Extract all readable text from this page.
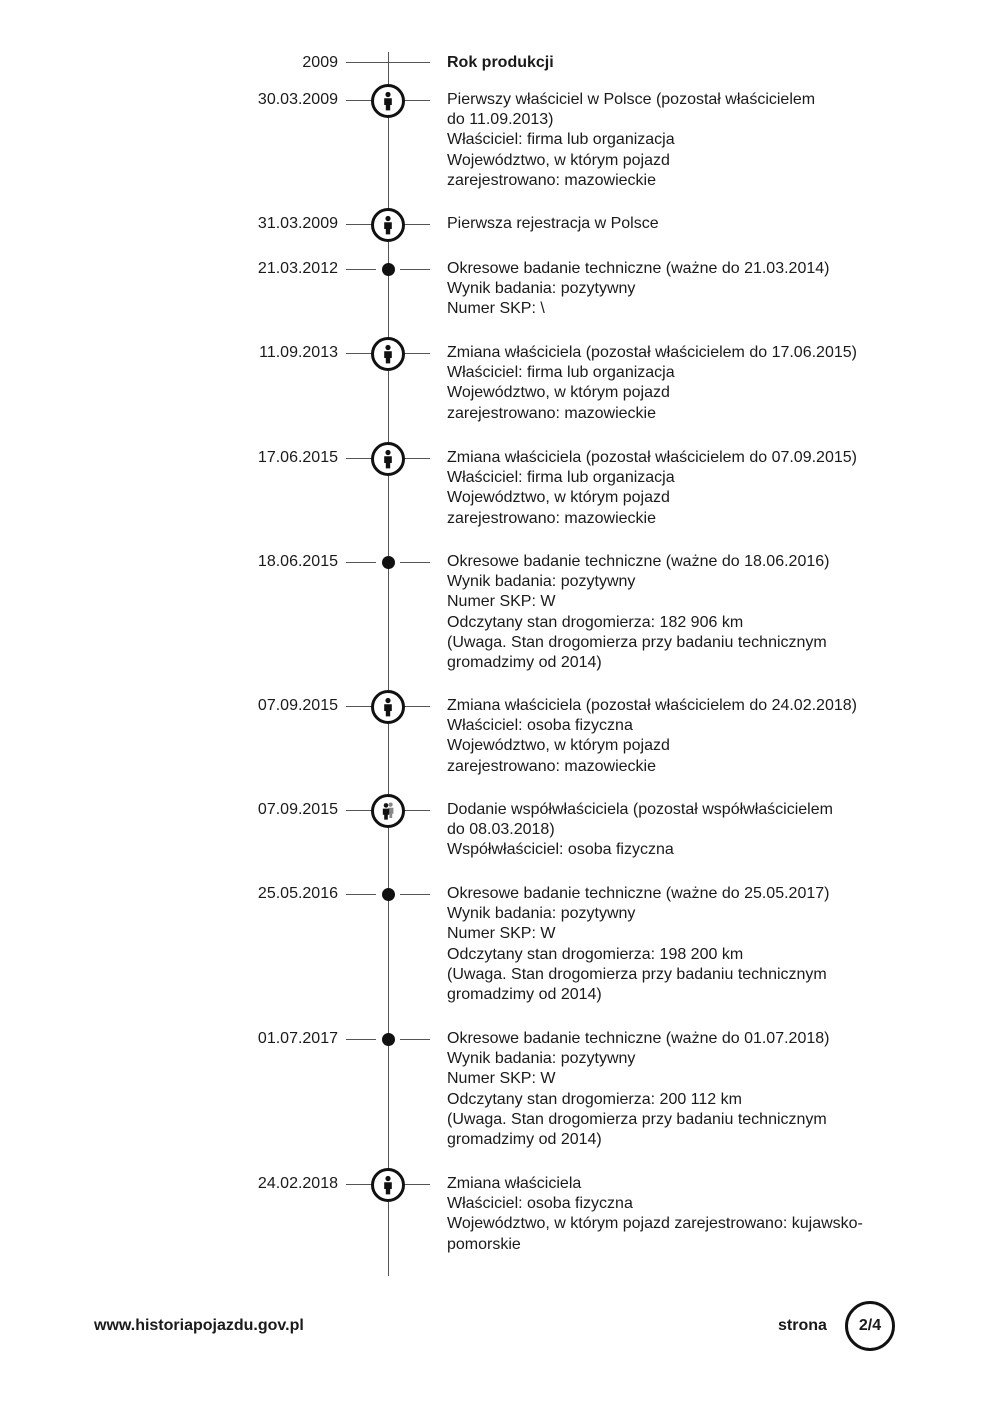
2009	Rok produkcji
30.03.2009	Pierwszy właściciel w Polsce (pozostał właścicielem
do 11.09.2013)
Właściciel: firma lub organizacja
Województwo, w którym pojazd
zarejestrowano: mazowieckie
31.03.2009	Pierwsza rejestracja w Polsce
21.03.2012	Okresowe badanie techniczne (ważne do 21.03.2014)
Wynik badania: pozytywny
Numer SKP: \
11.09.2013	Zmiana właściciela (pozostał właścicielem do 17.06.2015)
Właściciel: firma lub organizacja
Województwo, w którym pojazd
zarejestrowano: mazowieckie
17.06.2015	Zmiana właściciela (pozostał właścicielem do 07.09.2015)
Właściciel: firma lub organizacja
Województwo, w którym pojazd
zarejestrowano: mazowieckie
18.06.2015	Okresowe badanie techniczne (ważne do 18.06.2016)
Wynik badania: pozytywny
Numer SKP: W
Odczytany stan drogomierza: 182 906 km
(Uwaga. Stan drogomierza przy badaniu technicznym
gromadzimy od 2014)
07.09.2015	Zmiana właściciela (pozostał właścicielem do 24.02.2018)
Właściciel: osoba fizyczna
Województwo, w którym pojazd
zarejestrowano: mazowieckie
07.09.2015	Dodanie współwłaściciela (pozostał współwłaścicielem
do 08.03.2018)
Współwłaściciel: osoba fizyczna
25.05.2016	Okresowe badanie techniczne (ważne do 25.05.2017)
Wynik badania: pozytywny
Numer SKP: W
Odczytany stan drogomierza: 198 200 km
(Uwaga. Stan drogomierza przy badaniu technicznym
gromadzimy od 2014)
01.07.2017	Okresowe badanie techniczne (ważne do 01.07.2018)
Wynik badania: pozytywny
Numer SKP: W
Odczytany stan drogomierza: 200 112 km
(Uwaga. Stan drogomierza przy badaniu technicznym
gromadzimy od 2014)
24.02.2018	Zmiana właściciela
Właściciel: osoba fizyczna
Województwo, w którym pojazd zarejestrowano: kujawsko-
pomorskie
www.historiapojazdu.gov.pl	strona	2/4
